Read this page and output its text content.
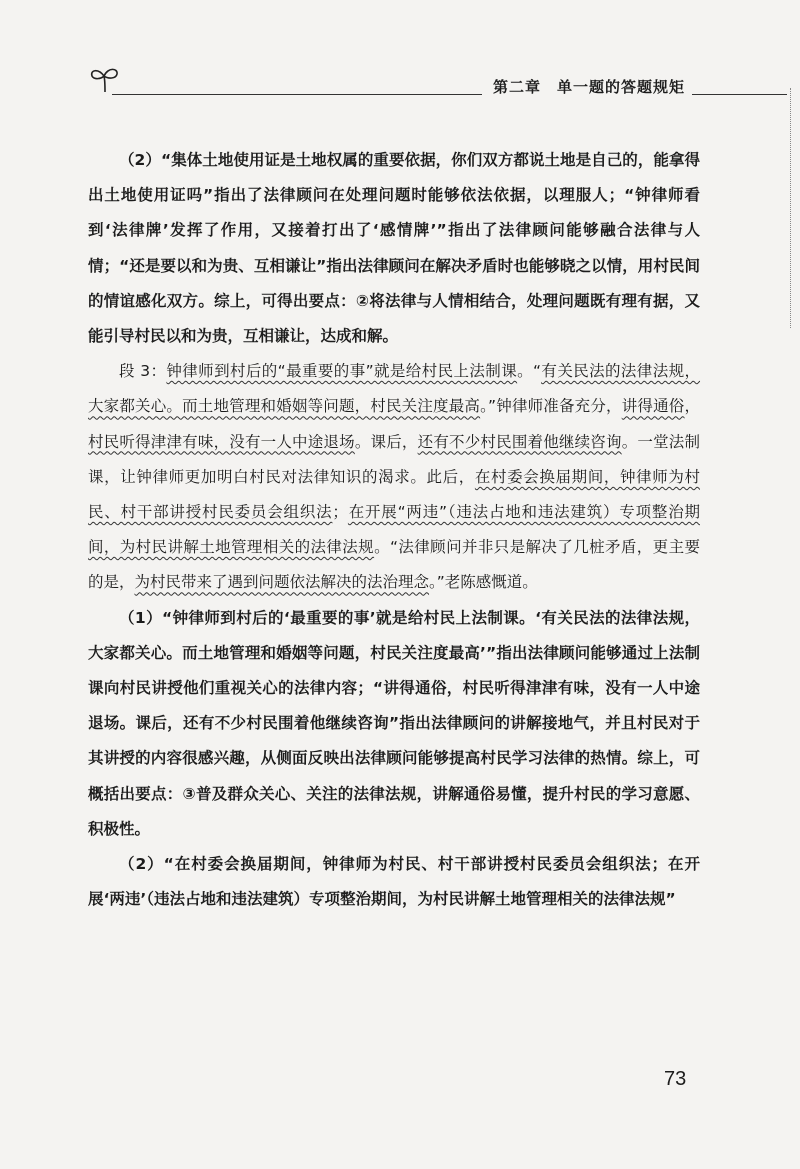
第二章　单一题的答题规矩

（2）“集体土地使用证是土地权属的重要依据，你们双方都说土地是自己的，能拿得出土地使用证吗”指出了法律顾问在处理问题时能够依法依据，以理服人；“钟律师看到‘法律牌’发挥了作用，又接着打出了‘感情牌’”指出了法律顾问能够融合法律与人情；“还是要以和为贵、互相谦让”指出法律顾问在解决矛盾时也能够晓之以情，用村民间的情谊感化双方。综上，可得出要点：②将法律与人情相结合，处理问题既有理有据，又能引导村民以和为贵，互相谦让，达成和解。

段 3：钟律师到村后的“最重要的事”就是给村民上法制课。“有关民法的法律法规，大家都关心。而土地管理和婚姻等问题，村民关注度最高。”钟律师准备充分，讲得通俗，村民听得津津有味，没有一人中途退场。课后，还有不少村民围着他继续咨询。一堂法制课，让钟律师更加明白村民对法律知识的渴求。此后，在村委会换届期间，钟律师为村民、村干部讲授村民委员会组织法；在开展“两违”（违法占地和违法建筑）专项整治期间，为村民讲解土地管理相关的法律法规。“法律顾问并非只是解决了几桩矛盾，更主要的是，为村民带来了遇到问题依法解决的法治理念。”老陈感慨道。

（1）“钟律师到村后的‘最重要的事’就是给村民上法制课。‘有关民法的法律法规，大家都关心。而土地管理和婚姻等问题，村民关注度最高’”指出法律顾问能够通过上法制课向村民讲授他们重视关心的法律内容；“讲得通俗，村民听得津津有味，没有一人中途退场。课后，还有不少村民围着他继续咨询”指出法律顾问的讲解接地气，并且村民对于其讲授的内容很感兴趣，从侧面反映出法律顾问能够提高村民学习法律的热情。综上，可概括出要点：③普及群众关心、关注的法律法规，讲解通俗易懂，提升村民的学习意愿、积极性。

（2）“在村委会换届期间，钟律师为村民、村干部讲授村民委员会组织法；在开展‘两违’（违法占地和违法建筑）专项整治期间，为村民讲解土地管理相关的法律法规”

73
